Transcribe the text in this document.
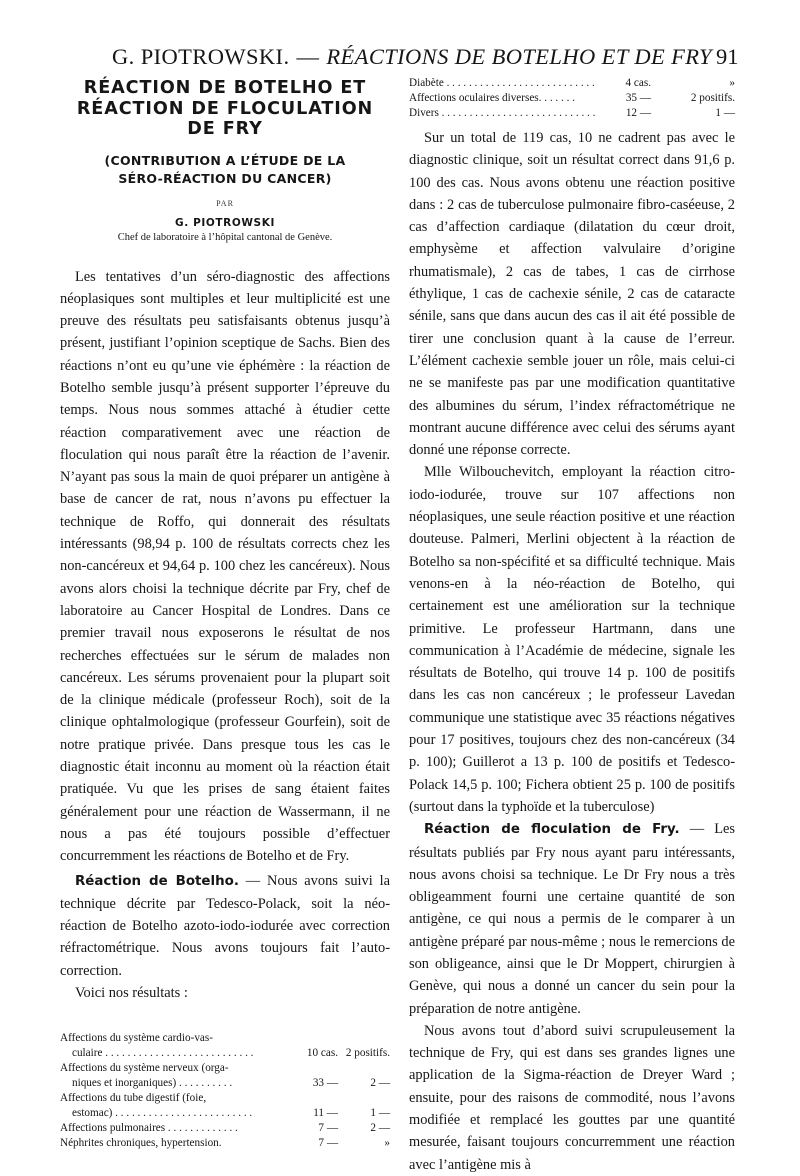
G. PIOTROWSKI. — RÉACTIONS DE BOTELHO ET DE FRY 91
RÉACTION DE BOTELHO ET
RÉACTION DE FLOCULATION
DE FRY
(CONTRIBUTION A L’ÉTUDE DE LA
SÉRO-RÉACTION DU CANCER)
PAR
G. PIOTROWSKI
Chef de laboratoire à l’hôpital cantonal de Genève.

Les tentatives d’un séro-diagnostic des affections néoplasiques sont multiples et leur multiplicité est une preuve des résultats peu satisfaisants obtenus jusqu’à présent, justifiant l’opinion sceptique de Sachs. Bien des réactions n’ont eu qu’une vie éphémère : la réaction de Botelho semble jusqu’à présent supporter l’épreuve du temps. Nous nous sommes attaché à étudier cette réaction comparativement avec une réaction de floculation qui nous paraît être la réaction de l’avenir. N’ayant pas sous la main de quoi préparer un antigène à base de cancer de rat, nous n’avons pu effectuer la technique de Roffo, qui donnerait des résultats intéressants (98,94 p. 100 de résultats corrects chez les non-cancéreux et 94,64 p. 100 chez les cancéreux). Nous avons alors choisi la technique décrite par Fry, chef de laboratoire au Cancer Hospital de Londres. Dans ce premier travail nous exposerons le résultat de nos recherches effectuées sur le sérum de malades non cancéreux. Les sérums provenaient pour la plupart soit de la clinique médicale (professeur Roch), soit de la clinique ophtalmologique (professeur Gourfein), soit de notre pratique privée. Dans presque tous les cas le diagnostic était inconnu au moment où la réaction était pratiquée. Vu que les prises de sang étaient faites généralement pour une réaction de Wassermann, il ne nous a pas été toujours possible d’effectuer concurremment les réactions de Botelho et de Fry.

Réaction de Botelho. — Nous avons suivi la technique décrite par Tedesco-Polack, soit la néo-réaction de Botelho azoto-iodo-iodurée avec correction réfractométrique. Nous avons toujours fait l’auto-correction.

Voici nos résultats :

Affections du système cardio-vas-
culaire . . . . . . . . . . . . . . . . . . . . . . . . . . .	10 cas.	2 positifs.
Affections du système nerveux (orga-
niques et inorganiques) . . . . . . . . . .	33 —	2 —
Affections du tube digestif (foie,
estomac) . . . . . . . . . . . . . . . . . . . . . . . . .	11 —	1 —
Affections pulmonaires . . . . . . . . . . . . .	7 —	2 —
Néphrites chroniques, hypertension.	7 —	»
Diabète . . . . . . . . . . . . . . . . . . . . . . . . . . .	4 cas.	»
Affections oculaires diverses. . . . . . .	35 —	2 positifs.
Divers . . . . . . . . . . . . . . . . . . . . . . . . . . . .	12 —	1 —

Sur un total de 119 cas, 10 ne cadrent pas avec le diagnostic clinique, soit un résultat correct dans 91,6 p. 100 des cas. Nous avons obtenu une réaction positive dans : 2 cas de tuberculose pulmonaire fibro-caséeuse, 2 cas d’affection cardiaque (dilatation du cœur droit, emphysème et affection valvulaire d’origine rhumatismale), 2 cas de tabes, 1 cas de cirrhose éthylique, 1 cas de cachexie sénile, 2 cas de cataracte sénile, sans que dans aucun des cas il ait été possible de tirer une conclusion quant à la cause de l’erreur. L’élément cachexie semble jouer un rôle, mais celui-ci ne se manifeste pas par une modification quantitative des albumines du sérum, l’index réfractométrique ne montrant aucune différence avec celui des sérums ayant donné une réponse correcte.

Mlle Wilbouchevitch, employant la réaction citro-iodo-iodurée, trouve sur 107 affections non néoplasiques, une seule réaction positive et une réaction douteuse. Palmeri, Merlini objectent à la réaction de Botelho sa non-spécifité et sa difficulté technique. Mais venons-en à la néo-réaction de Botelho, qui certainement est une amélioration sur la technique primitive. Le professeur Hartmann, dans une communication à l’Académie de médecine, signale les résultats de Botelho, qui trouve 14 p. 100 de positifs dans les cas non cancéreux ; le professeur Lavedan communique une statistique avec 35 réactions négatives pour 17 positives, toujours chez des non-cancéreux (34 p. 100); Guillerot a 13 p. 100 de positifs et Tedesco-Polack 14,5 p. 100; Fichera obtient 25 p. 100 de positifs (surtout dans la typhoïde et la tuberculose)

Réaction de floculation de Fry. — Les résultats publiés par Fry nous ayant paru intéressants, nous avons choisi sa technique. Le Dr Fry nous a très obligeamment fourni une certaine quantité de son antigène, ce qui nous a permis de le comparer à un antigène préparé par nous-même ; nous le remercions de son obligeance, ainsi que le Dr Moppert, chirurgien à Genève, qui nous a donné un cancer du sein pour la préparation de notre antigène.

Nous avons tout d’abord suivi scrupuleusement la technique de Fry, qui est dans ses grandes lignes une application de la Sigma-réaction de Dreyer Ward ; ensuite, pour des raisons de commodité, nous l’avons modifiée et remplacé les gouttes par une quantité mesurée, faisant toujours concurremment une réaction avec l’antigène mis à
